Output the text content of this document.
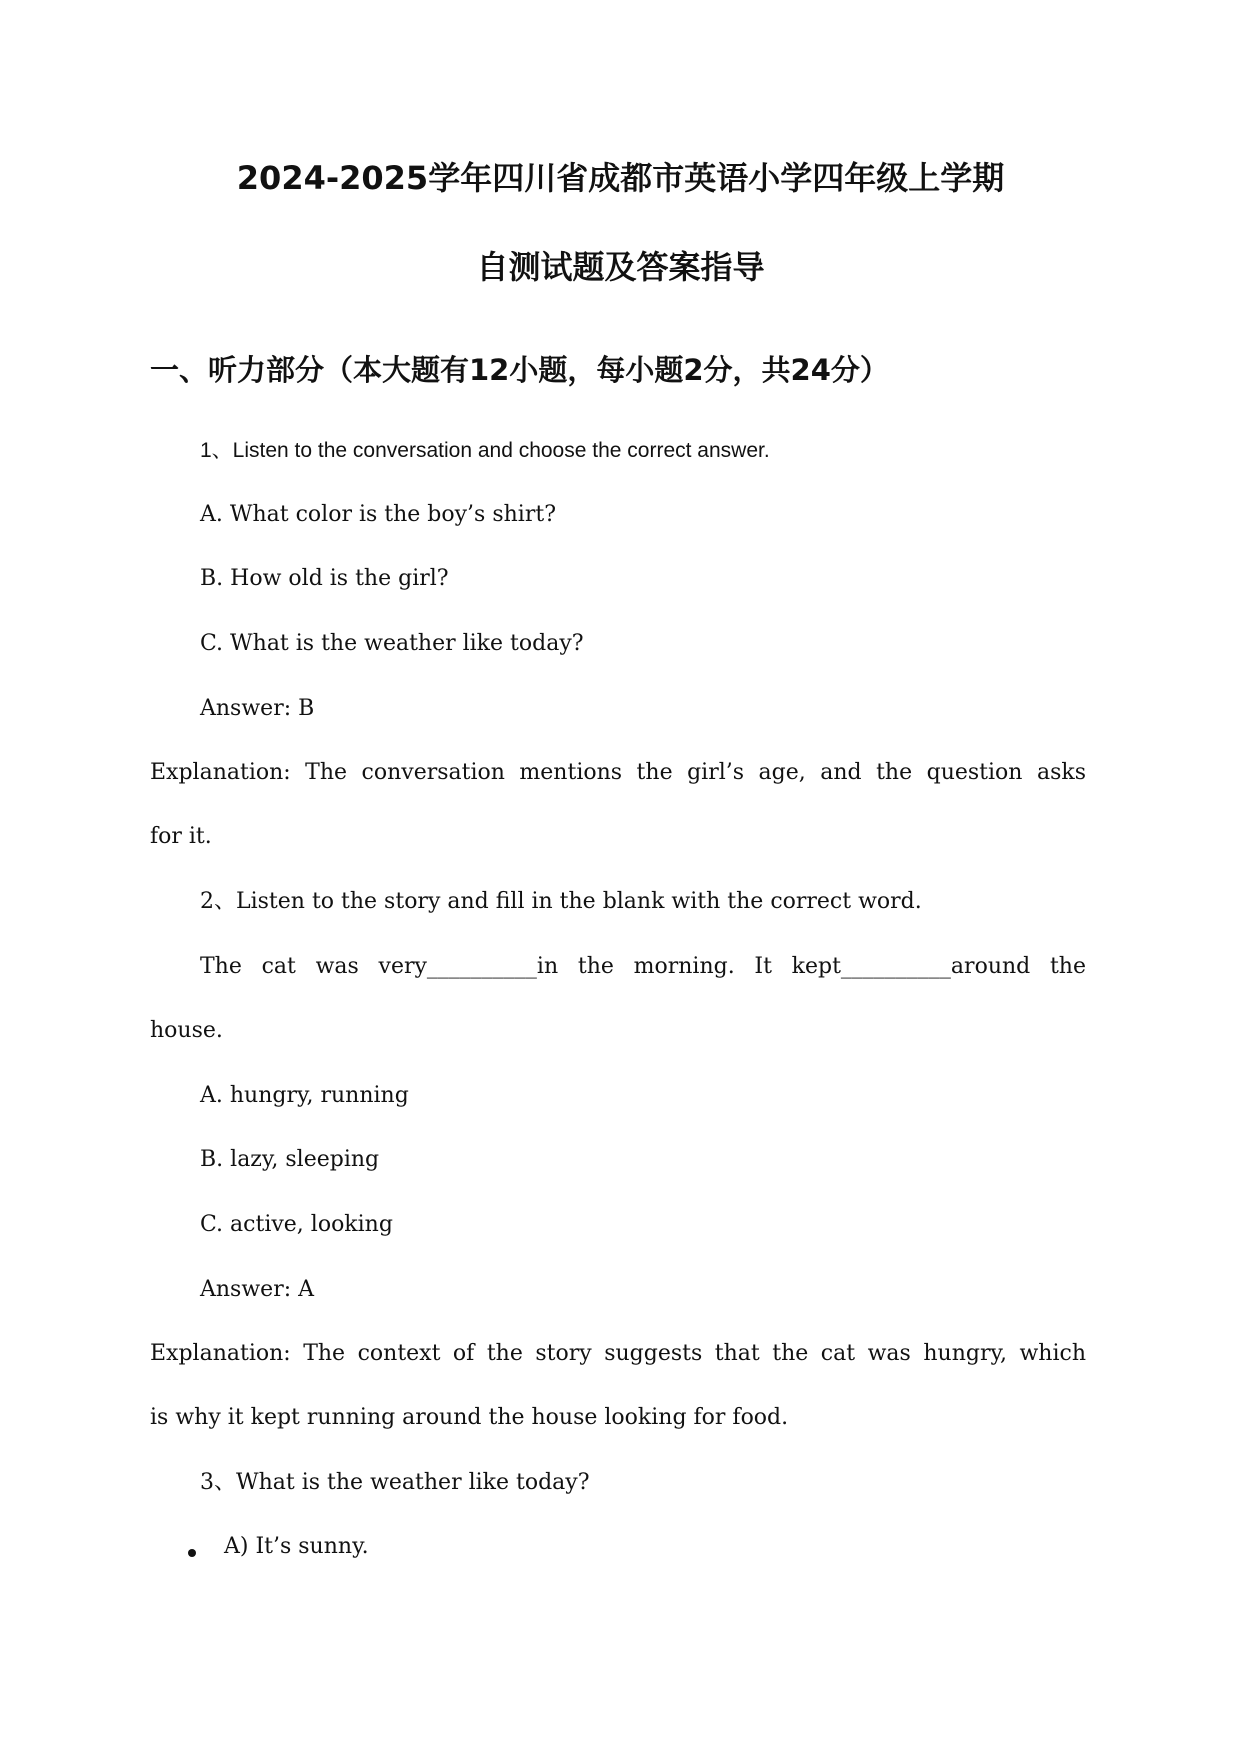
2024-2025学年四川省成都市英语小学四年级上学期
自测试题及答案指导
一、听力部分（本大题有12小题，每小题2分，共24分）
1、Listen to the conversation and choose the correct answer.
A. What color is the boy’s shirt?
B. How old is the girl?
C. What is the weather like today?
Answer: B
Explanation: The conversation mentions the girl’s age, and the question asks
for it.
2、Listen to the story and fill in the blank with the correct word.
The cat was very__________in the morning. It kept__________around the
house.
A. hungry, running
B. lazy, sleeping
C. active, looking
Answer: A
Explanation: The context of the story suggests that the cat was hungry, which
is why it kept running around the house looking for food.
3、What is the weather like today?
A) It’s sunny.
